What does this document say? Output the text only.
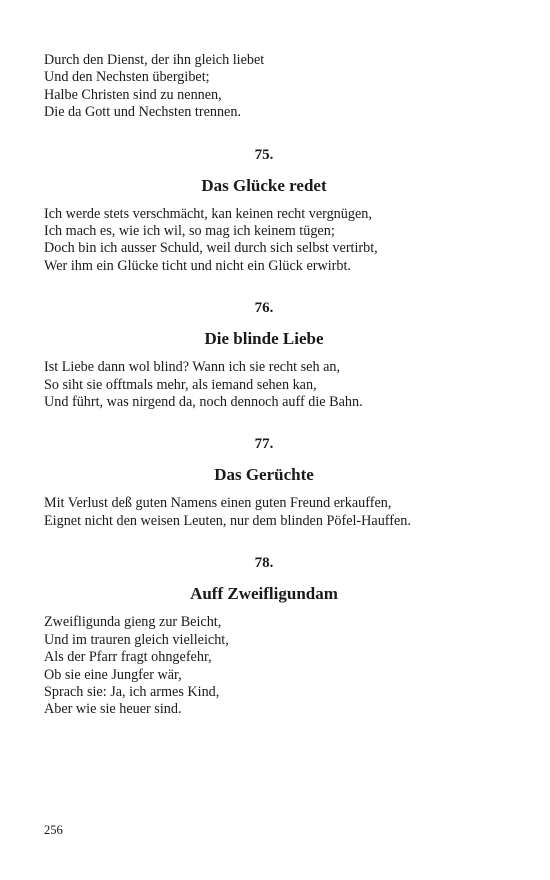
Durch den Dienst, der ihn gleich liebet
Und den Nechsten übergibet;
Halbe Christen sind zu nennen,
Die da Gott und Nechsten trennen.
75.
Das Glücke redet
Ich werde stets verschmächt, kan keinen recht vergnügen,
Ich mach es, wie ich wil, so mag ich keinem tügen;
Doch bin ich ausser Schuld, weil durch sich selbst vertirbt,
Wer ihm ein Glücke ticht und nicht ein Glück erwirbt.
76.
Die blinde Liebe
Ist Liebe dann wol blind? Wann ich sie recht seh an,
So siht sie offtmals mehr, als iemand sehen kan,
Und führt, was nirgend da, noch dennoch auff die Bahn.
77.
Das Gerüchte
Mit Verlust deß guten Namens einen guten Freund erkauffen,
Eignet nicht den weisen Leuten, nur dem blinden Pöfel-Hauffen.
78.
Auff Zweifligundam
Zweifligunda gieng zur Beicht,
Und im trauren gleich vielleicht,
Als der Pfarr fragt ohngefehr,
Ob sie eine Jungfer wär,
Sprach sie: Ja, ich armes Kind,
Aber wie sie heuer sind.
256
